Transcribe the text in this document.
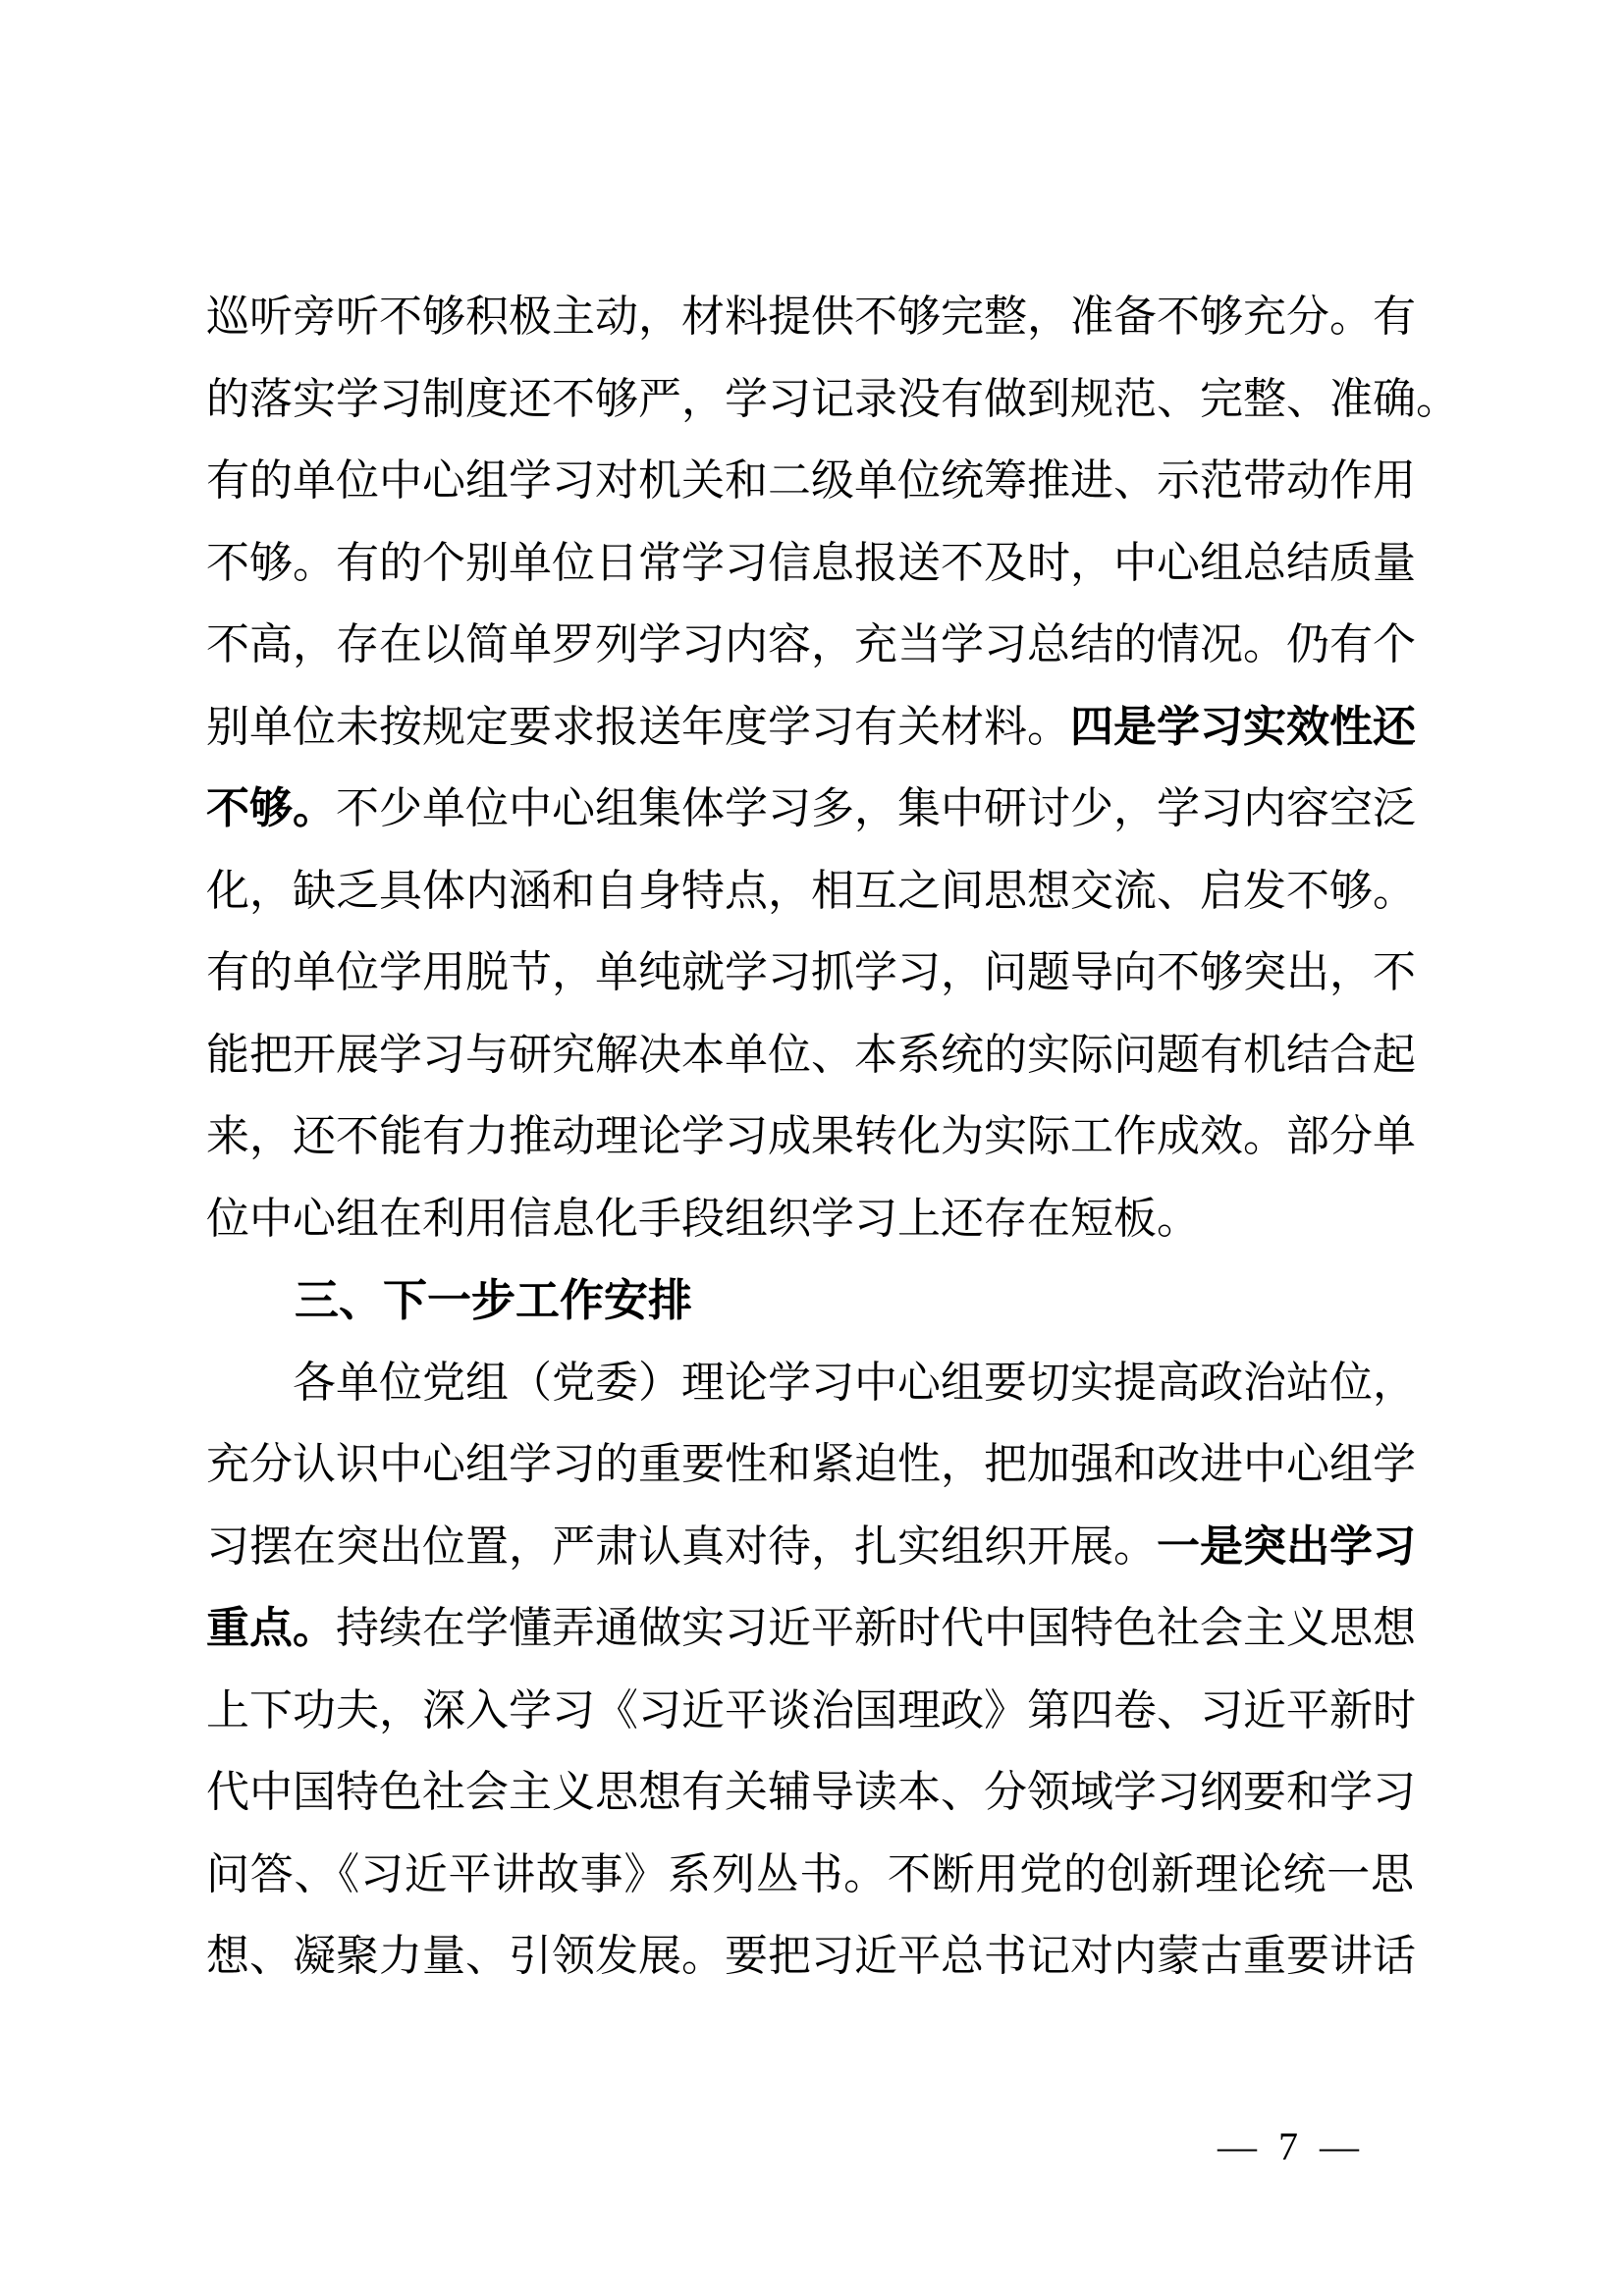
巡听旁听不够积极主动，材料提供不够完整，准备不够充分。有
的落实学习制度还不够严，学习记录没有做到规范、完整、准确。
有的单位中心组学习对机关和二级单位统筹推进、示范带动作用
不够。有的个别单位日常学习信息报送不及时，中心组总结质量
不高，存在以简单罗列学习内容，充当学习总结的情况。仍有个
别单位未按规定要求报送年度学习有关材料。四是学习实效性还
不够。不少单位中心组集体学习多，集中研讨少，学习内容空泛
化，缺乏具体内涵和自身特点，相互之间思想交流、启发不够。
有的单位学用脱节，单纯就学习抓学习，问题导向不够突出，不
能把开展学习与研究解决本单位、本系统的实际问题有机结合起
来，还不能有力推动理论学习成果转化为实际工作成效。部分单
位中心组在利用信息化手段组织学习上还存在短板。
三、下一步工作安排
各单位党组（党委）理论学习中心组要切实提高政治站位，
充分认识中心组学习的重要性和紧迫性，把加强和改进中心组学
习摆在突出位置，严肃认真对待，扎实组织开展。一是突出学习
重点。持续在学懂弄通做实习近平新时代中国特色社会主义思想
上下功夫，深入学习《习近平谈治国理政》第四卷、习近平新时
代中国特色社会主义思想有关辅导读本、分领域学习纲要和学习
问答、《习近平讲故事》系列丛书。不断用党的创新理论统一思
想、凝聚力量、引领发展。要把习近平总书记对内蒙古重要讲话
— 7 —
